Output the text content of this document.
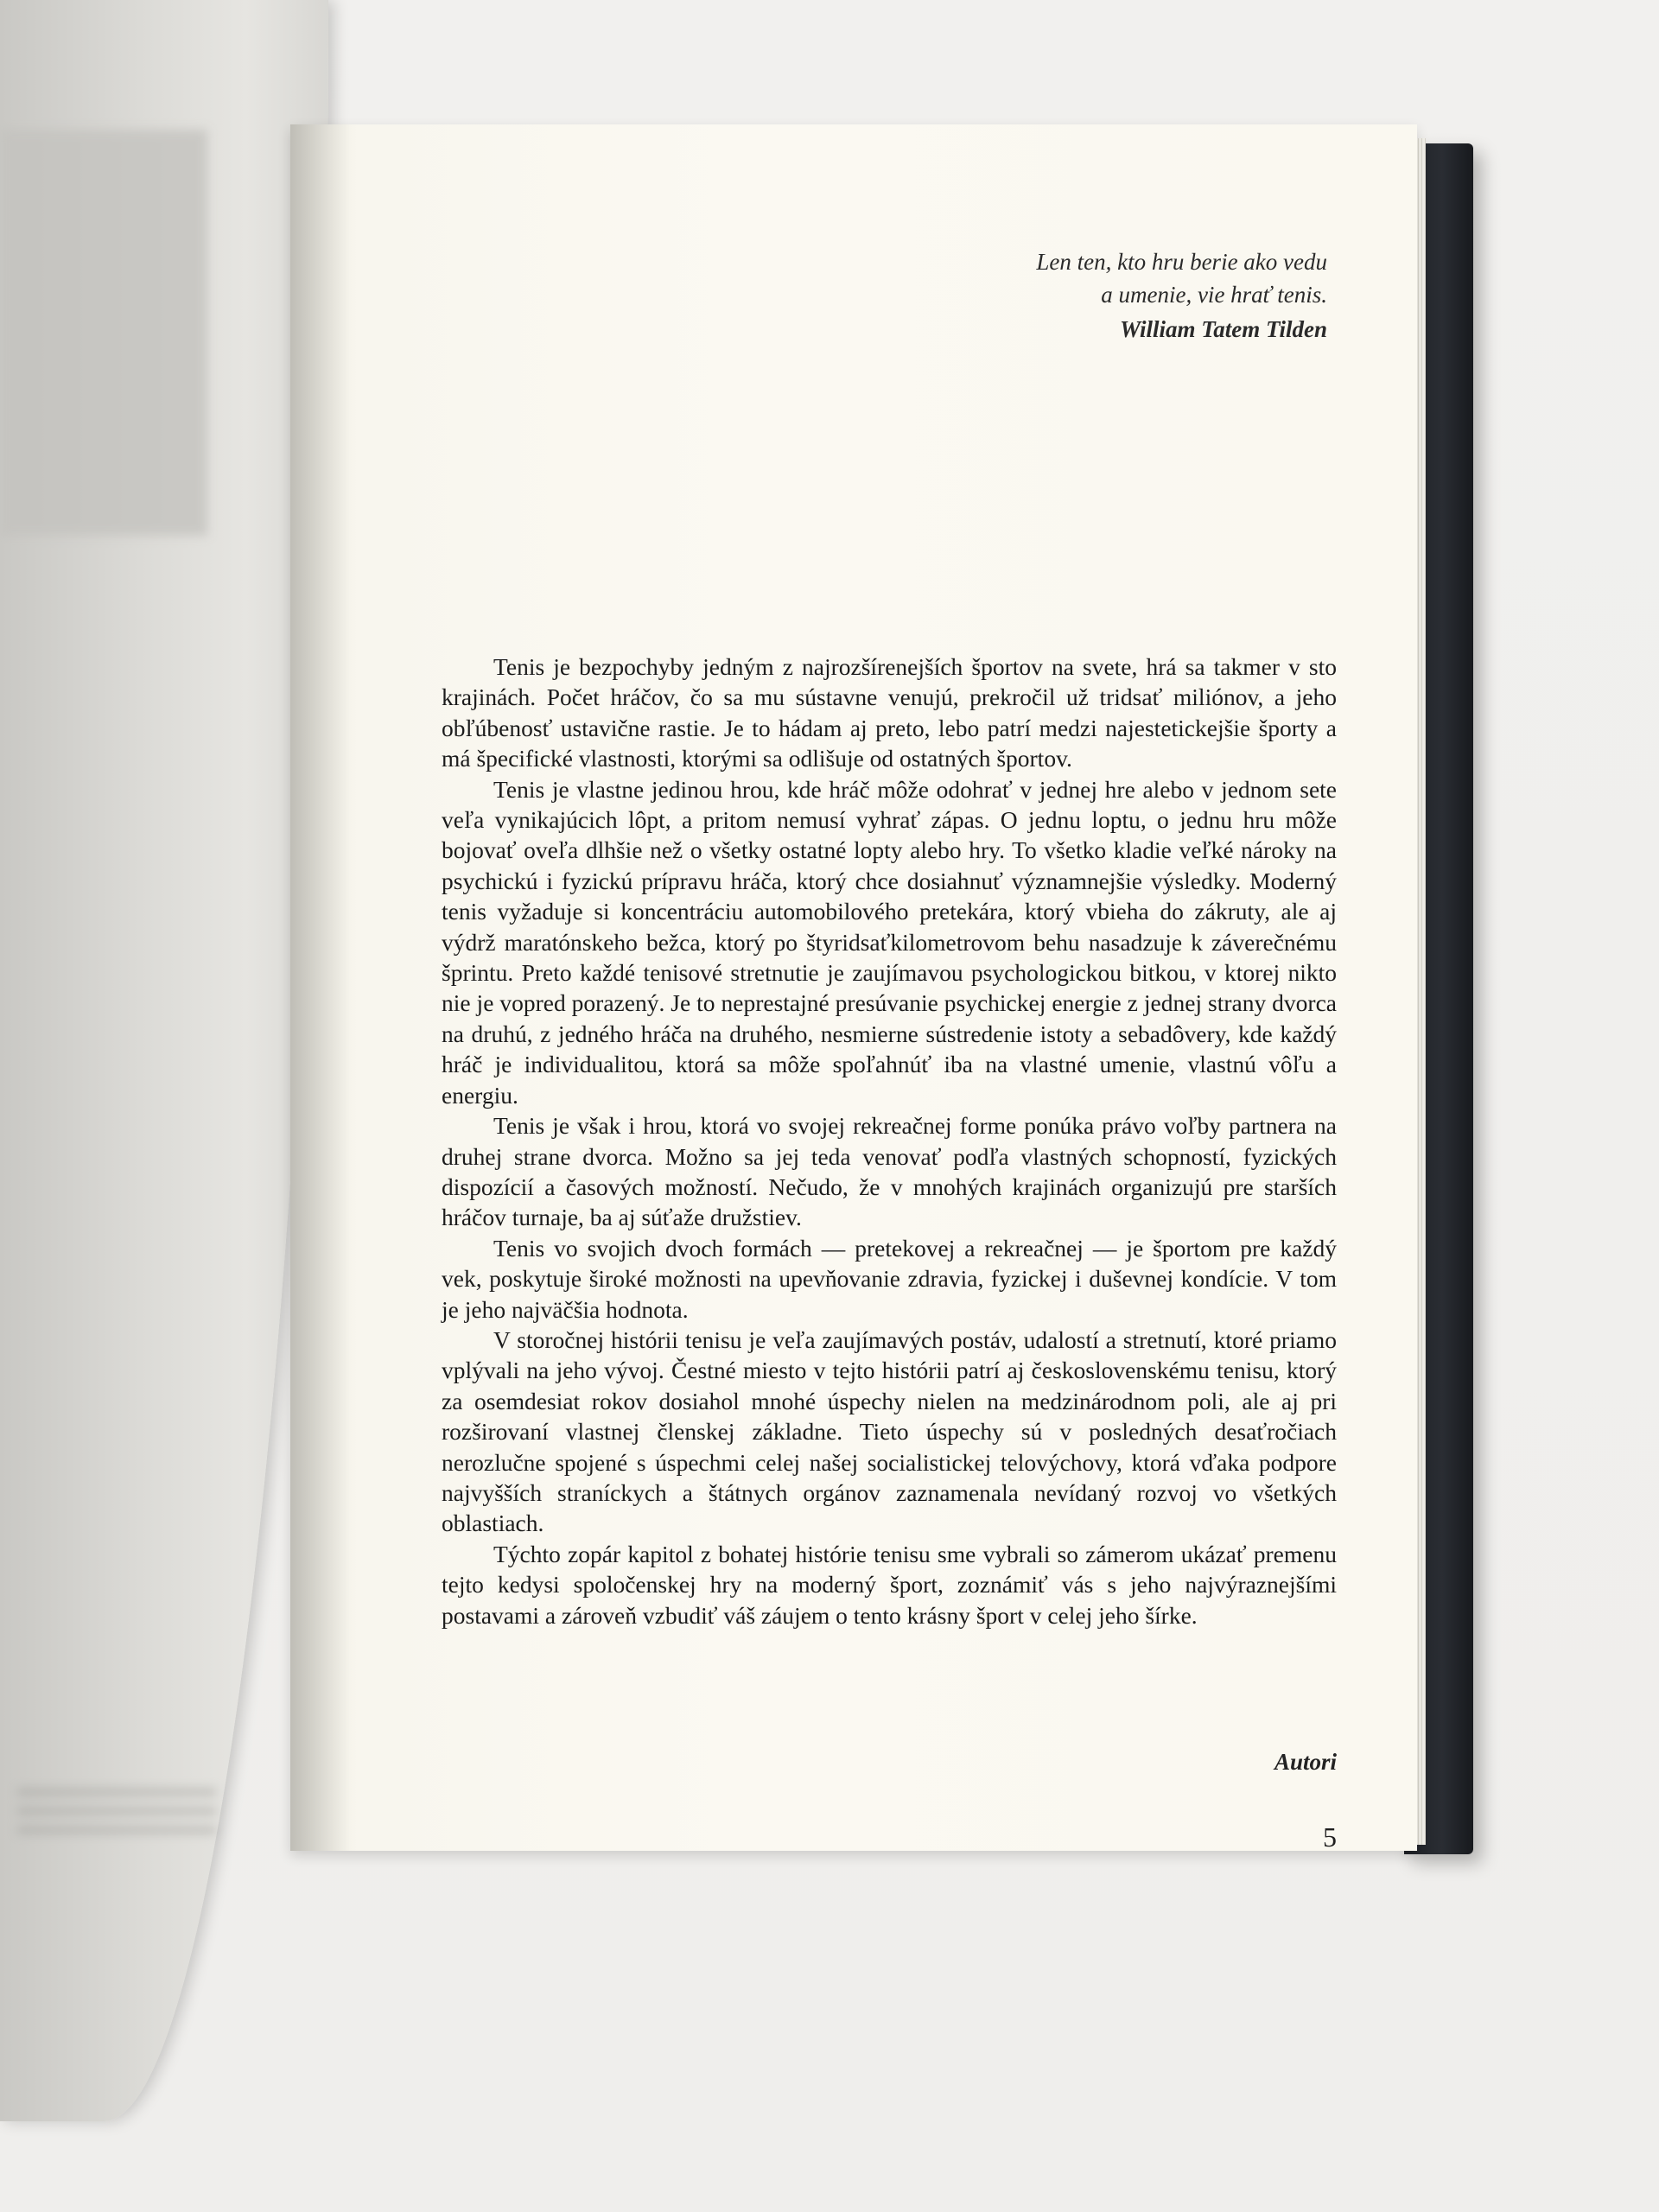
Len ten, kto hru berie ako vedu
a umenie, vie hrať tenis.
William Tatem Tilden

Tenis je bezpochyby jedným z najrozšírenejších športov na svete, hrá sa takmer v sto krajinách. Počet hráčov, čo sa mu sústavne venujú, prekročil už tridsať miliónov, a jeho obľúbenosť ustavične rastie. Je to hádam aj preto, lebo patrí medzi najestetickejšie športy a má špecifické vlastnosti, ktorými sa odlišuje od ostatných športov.

Tenis je vlastne jedinou hrou, kde hráč môže odohrať v jednej hre alebo v jednom sete veľa vynikajúcich lôpt, a pritom nemusí vyhrať zápas. O jednu loptu, o jednu hru môže bojovať oveľa dlhšie než o všetky ostatné lopty alebo hry. To všetko kladie veľké nároky na psychickú i fyzickú prípravu hráča, ktorý chce dosiahnuť významnejšie výsledky. Moderný tenis vyžaduje si koncentráciu automobilového pretekára, ktorý vbieha do zákruty, ale aj výdrž maratónskeho bežca, ktorý po štyridsaťkilometrovom behu nasadzuje k záverečnému šprintu. Preto každé tenisové stretnutie je zaujímavou psychologickou bitkou, v ktorej nikto nie je vopred porazený. Je to neprestajné presúvanie psychickej energie z jednej strany dvorca na druhú, z jedného hráča na druhého, nesmierne sústredenie istoty a sebadôvery, kde každý hráč je individualitou, ktorá sa môže spoľahnúť iba na vlastné umenie, vlastnú vôľu a energiu.

Tenis je však i hrou, ktorá vo svojej rekreačnej forme ponúka právo voľby partnera na druhej strane dvorca. Možno sa jej teda venovať podľa vlastných schopností, fyzických dispozícií a časových možností. Nečudo, že v mnohých krajinách organizujú pre starších hráčov turnaje, ba aj súťaže družstiev.

Tenis vo svojich dvoch formách — pretekovej a rekreačnej — je športom pre každý vek, poskytuje široké možnosti na upevňovanie zdravia, fyzickej i duševnej kondície. V tom je jeho najväčšia hodnota.

V storočnej histórii tenisu je veľa zaujímavých postáv, udalostí a stretnutí, ktoré priamo vplývali na jeho vývoj. Čestné miesto v tejto histórii patrí aj československému tenisu, ktorý za osemdesiat rokov dosiahol mnohé úspechy nielen na medzinárodnom poli, ale aj pri rozširovaní vlastnej členskej základne. Tieto úspechy sú v posledných desaťročiach nerozlučne spojené s úspechmi celej našej socialistickej telovýchovy, ktorá vďaka podpore najvyšších straníckych a štátnych orgánov zaznamenala nevídaný rozvoj vo všetkých oblastiach.

Týchto zopár kapitol z bohatej histórie tenisu sme vybrali so zámerom ukázať premenu tejto kedysi spoločenskej hry na moderný šport, zoznámiť vás s jeho najvýraznejšími postavami a zároveň vzbudiť váš záujem o tento krásny šport v celej jeho šírke.

Autori
5
